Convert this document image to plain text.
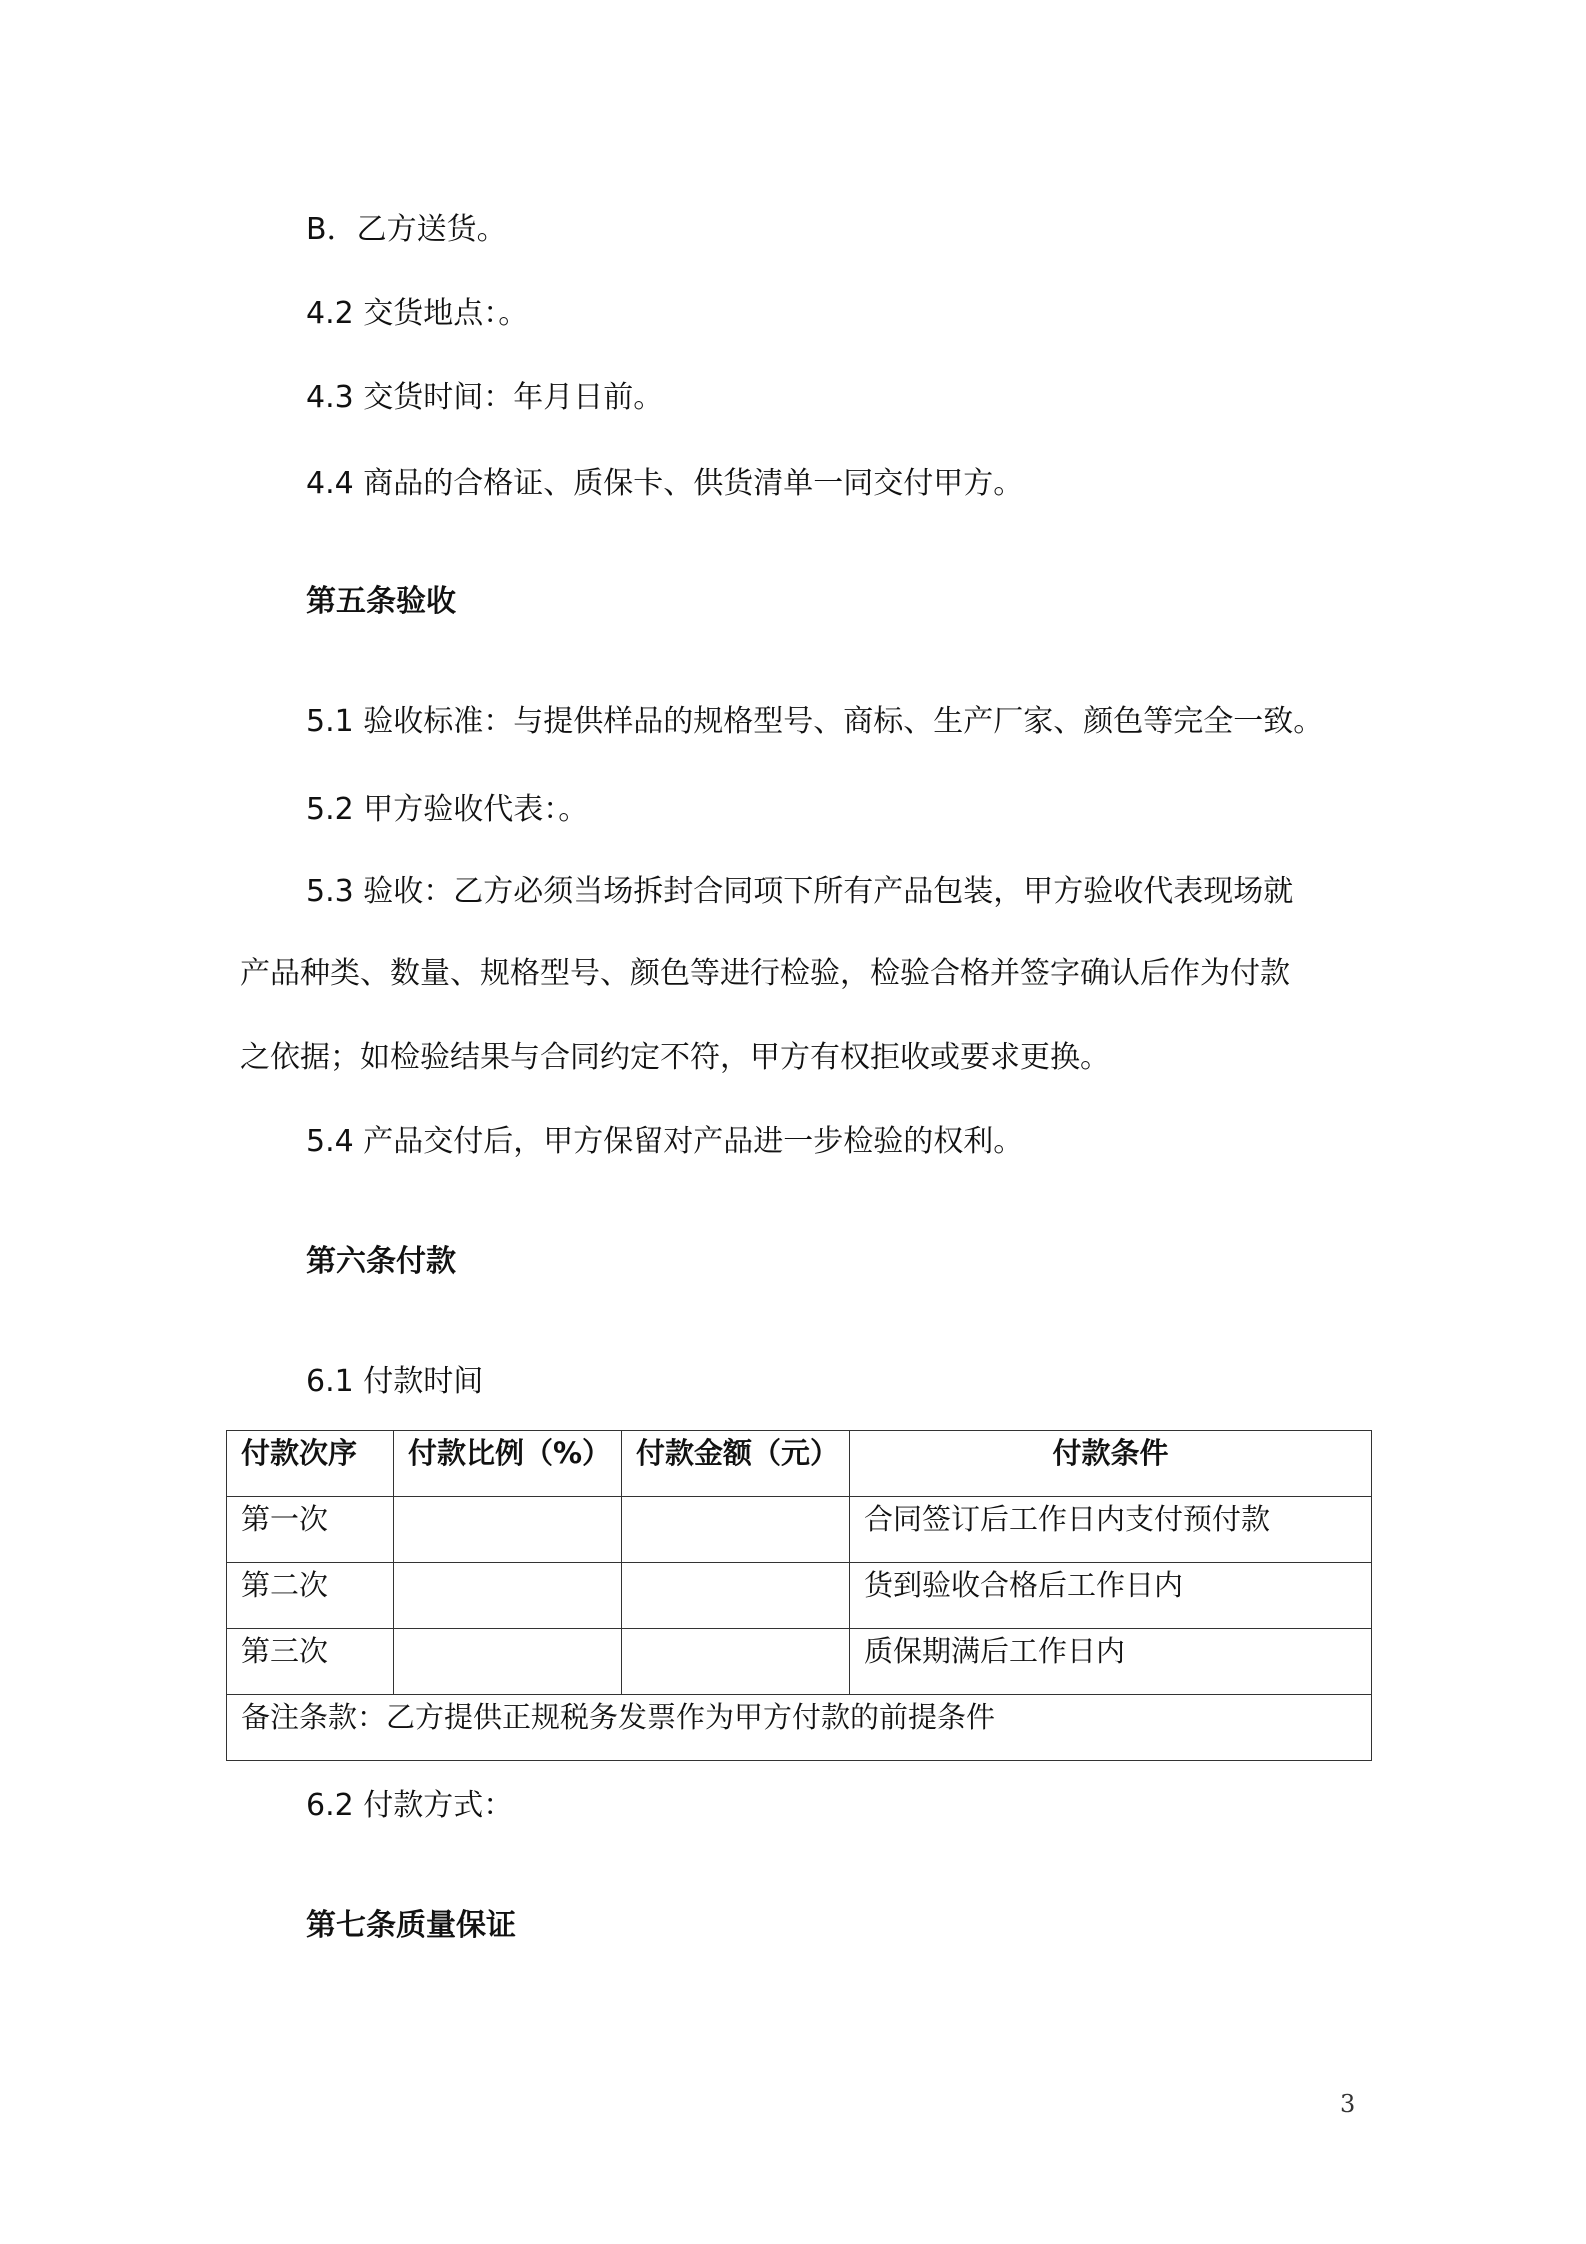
B．乙方送货。
4.2 交货地点：。
4.3 交货时间：年月日前。
4.4 商品的合格证、质保卡、供货清单一同交付甲方。
第五条验收
5.1 验收标准：与提供样品的规格型号、商标、生产厂家、颜色等完全一致。
5.2 甲方验收代表：。
5.3 验收：乙方必须当场拆封合同项下所有产品包装，甲方验收代表现场就
产品种类、数量、规格型号、颜色等进行检验，检验合格并签字确认后作为付款
之依据；如检验结果与合同约定不符，甲方有权拒收或要求更换。
5.4 产品交付后，甲方保留对产品进一步检验的权利。
第六条付款
6.1 付款时间
付款次序	付款比例（%）	付款金额（元）	付款条件
第一次			合同签订后工作日内支付预付款
第二次			货到验收合格后工作日内
第三次			质保期满后工作日内
备注条款：乙方提供正规税务发票作为甲方付款的前提条件			
6.2 付款方式：
第七条质量保证
3
